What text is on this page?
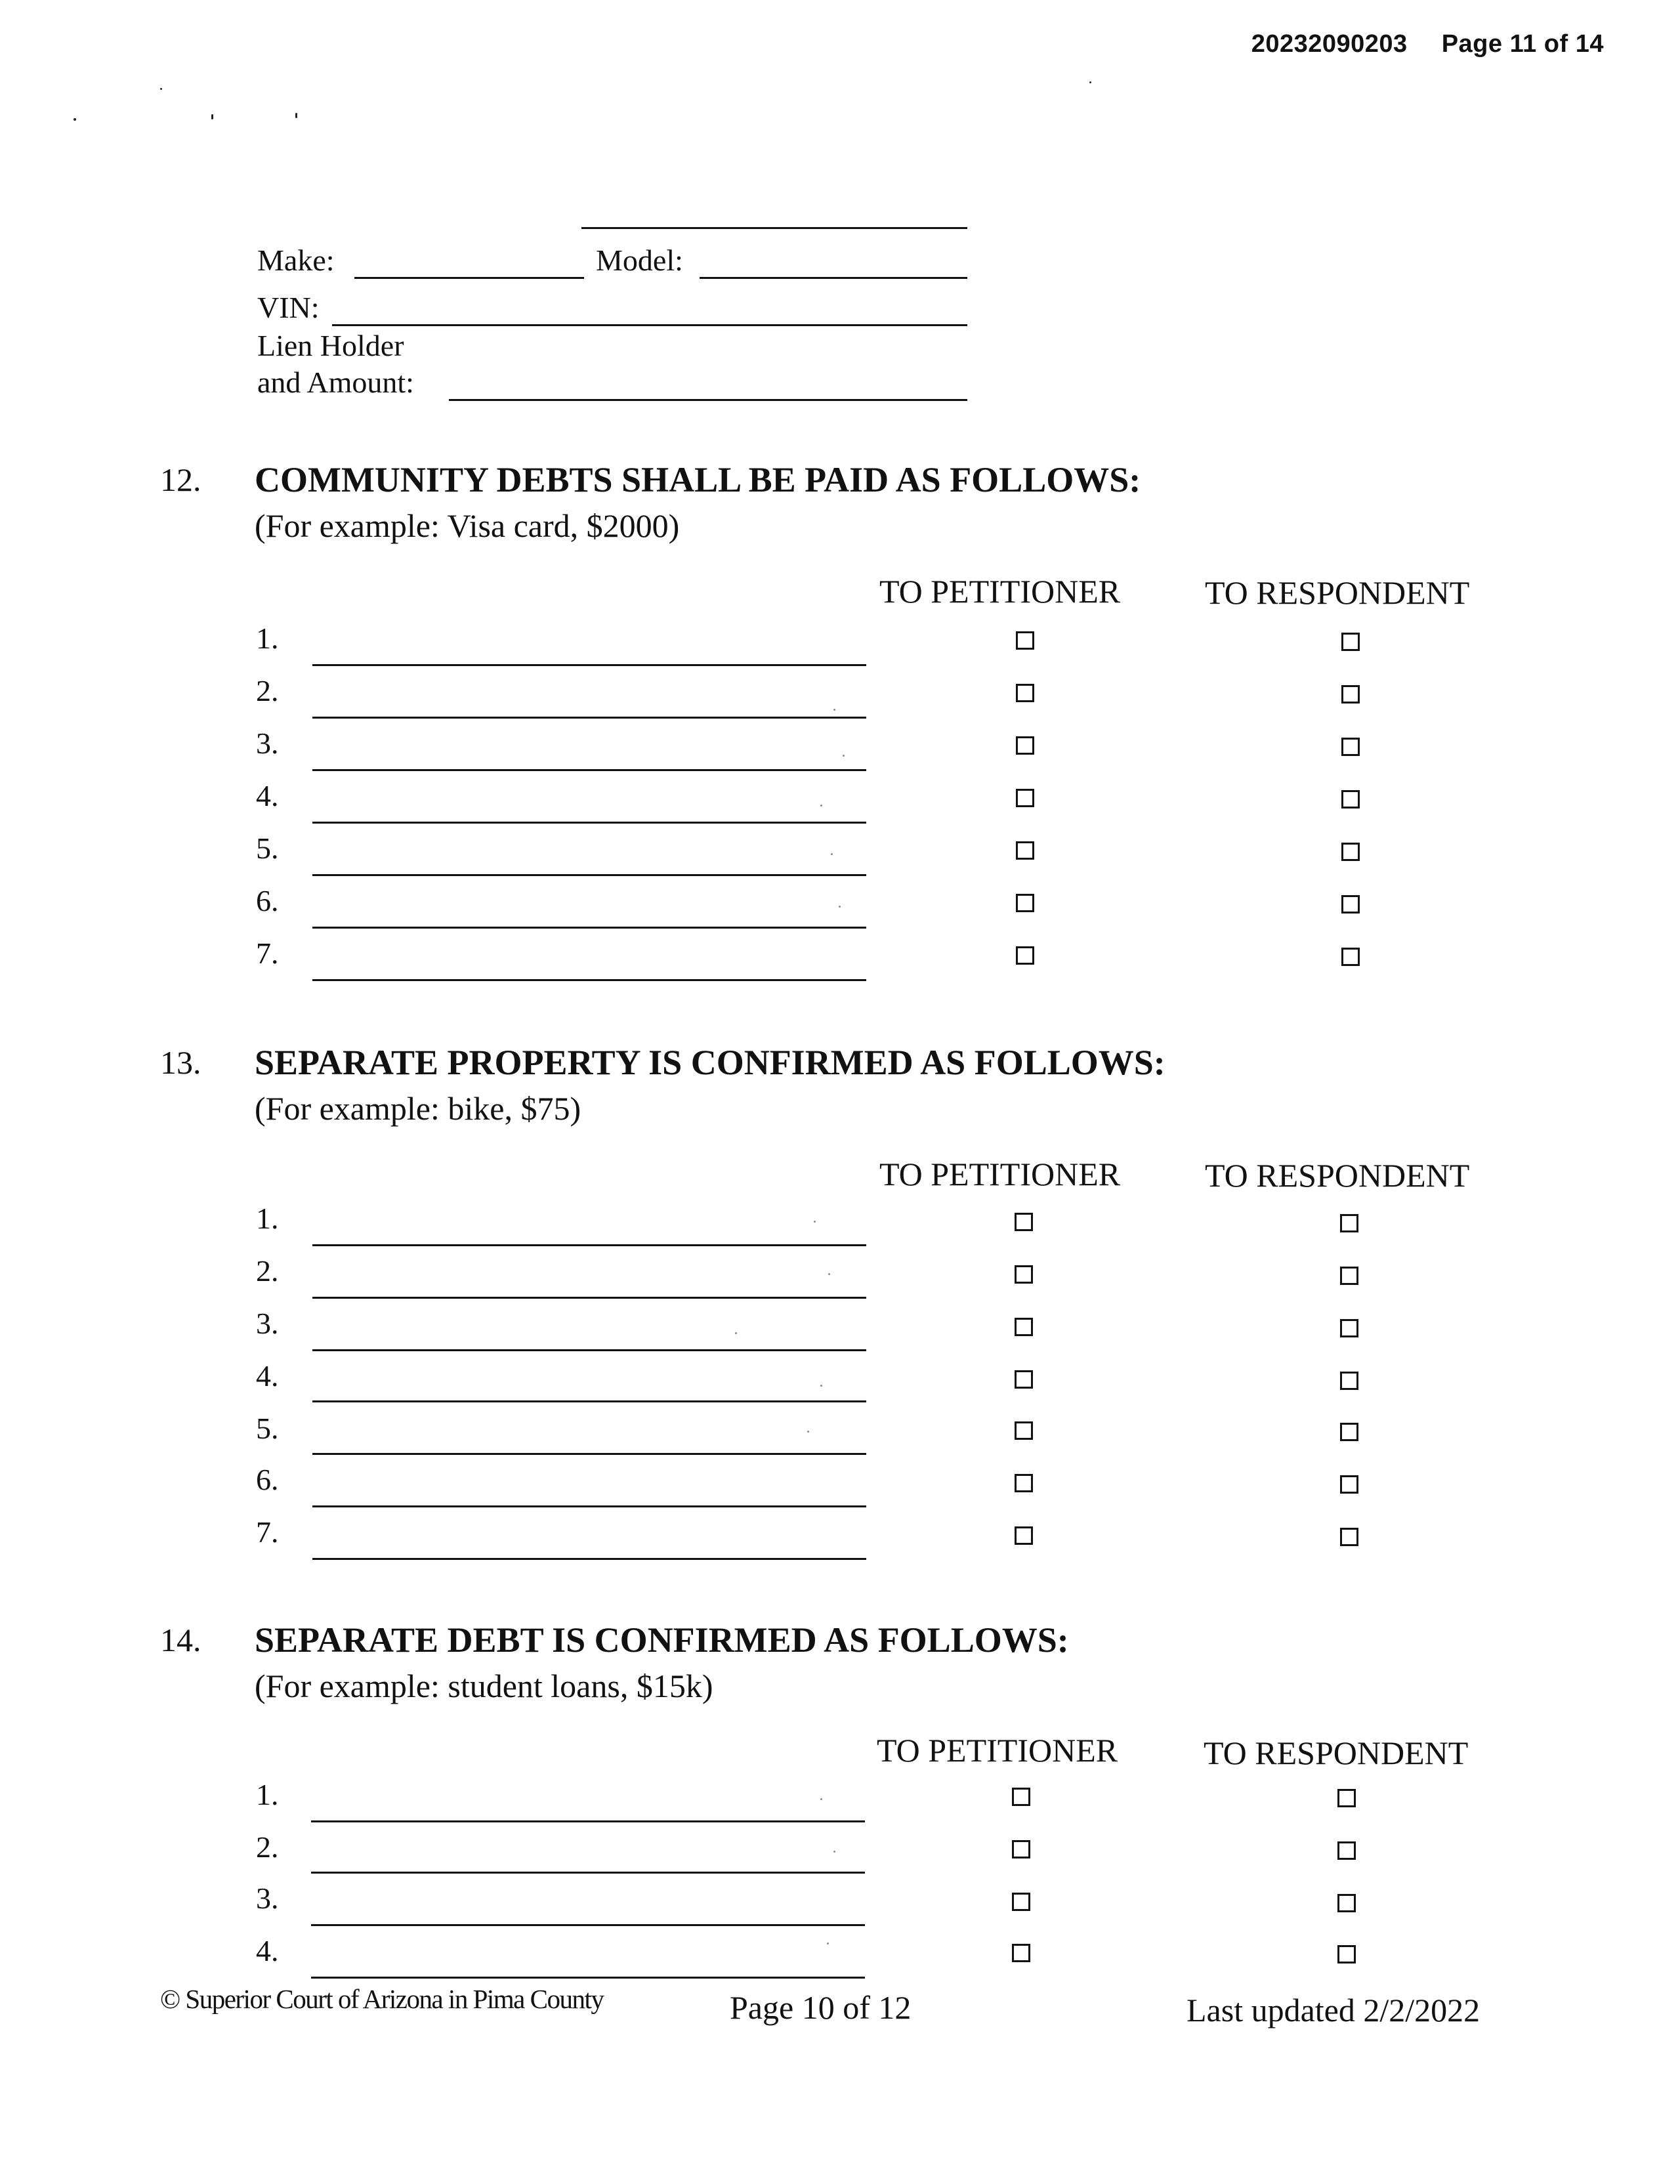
20232090203 Page 11 of 14
Make:	Model:
VIN:
Lien Holder
and Amount:
12. COMMUNITY DEBTS SHALL BE PAID AS FOLLOWS:
(For example: Visa card, $2000)
TO PETITIONER	TO RESPONDENT
1.
2.
3.
4.
5.
6.
7.
13. SEPARATE PROPERTY IS CONFIRMED AS FOLLOWS:
(For example: bike, $75)
TO PETITIONER	TO RESPONDENT
1.
2.
3.
4.
5.
6.
7.
14. SEPARATE DEBT IS CONFIRMED AS FOLLOWS:
(For example: student loans, $15k)
TO PETITIONER	TO RESPONDENT
1.
2.
3.
4.
© Superior Court of Arizona in Pima County	Page 10 of 12	Last updated 2/2/2022
